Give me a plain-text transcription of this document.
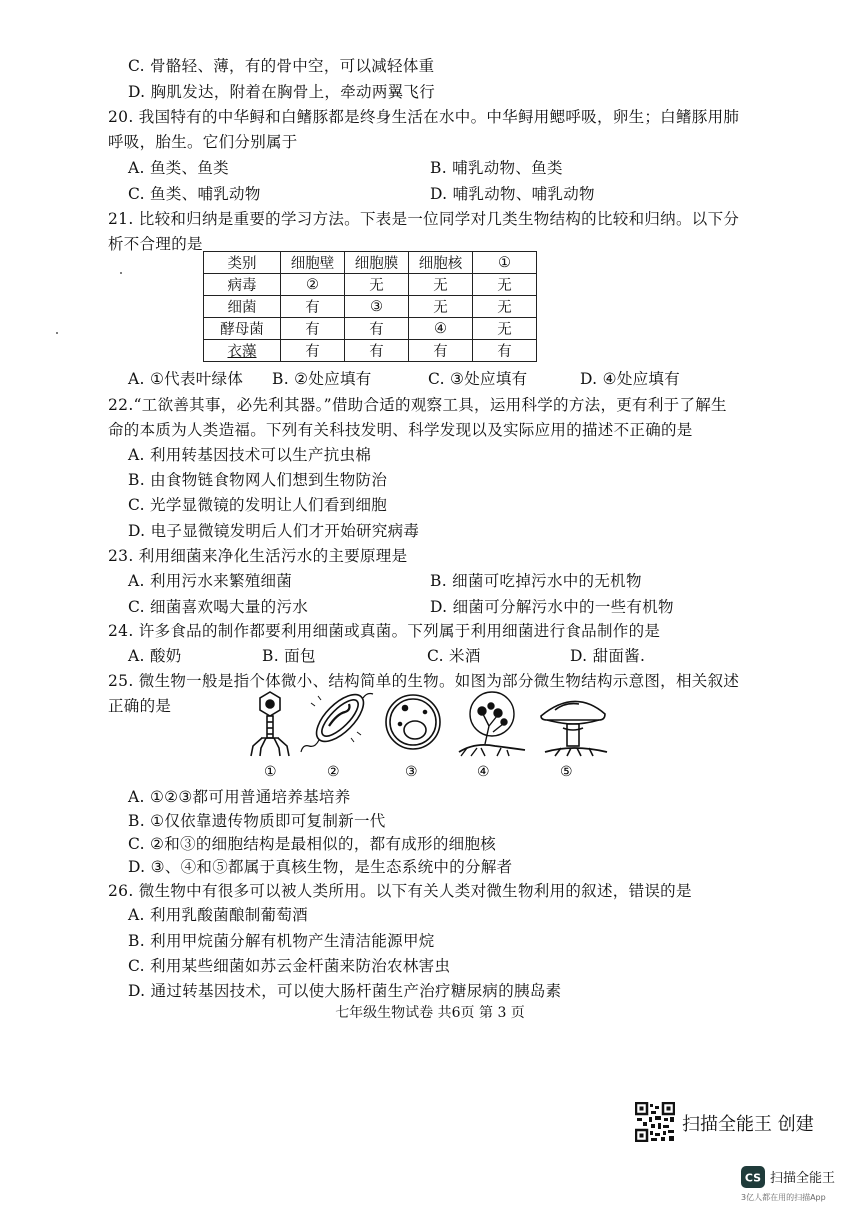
C. 骨骼轻、薄，有的骨中空，可以减轻体重
D. 胸肌发达，附着在胸骨上，牵动两翼飞行
20. 我国特有的中华鲟和白鳍豚都是终身生活在水中。中华鲟用鳃呼吸，卵生；白鳍豚用肺
呼吸，胎生。它们分别属于
A. 鱼类、鱼类	B. 哺乳动物、鱼类
C. 鱼类、哺乳动物	D. 哺乳动物、哺乳动物
21. 比较和归纳是重要的学习方法。下表是一位同学对几类生物结构的比较和归纳。以下分
析不合理的是
类别	细胞壁	细胞膜	细胞核	①
病毒	②	无	无	无
细菌	有	③	无	无
酵母菌	有	有	④	无
衣藻	有	有	有	有
A. ①代表叶绿体 B. ②处应填有	C. ③处应填有	D. ④处应填有
22.“工欲善其事，必先利其器。”借助合适的观察工具，运用科学的方法，更有利于了解生
命的本质为人类造福。下列有关科技发明、科学发现以及实际应用的描述不正确的是
A. 利用转基因技术可以生产抗虫棉
B. 由食物链食物网人们想到生物防治
C. 光学显微镜的发明让人们看到细胞
D. 电子显微镜发明后人们才开始研究病毒
23. 利用细菌来净化生活污水的主要原理是
A. 利用污水来繁殖细菌	B. 细菌可吃掉污水中的无机物
C. 细菌喜欢喝大量的污水	D. 细菌可分解污水中的一些有机物
24. 许多食品的制作都要利用细菌或真菌。下列属于利用细菌进行食品制作的是
A. 酸奶	B. 面包	C. 米酒	D. 甜面酱.
25. 微生物一般是指个体微小、结构简单的生物。如图为部分微生物结构示意图，相关叙述
正确的是
①	②	③	④	⑤
A. ①②③都可用普通培养基培养
B. ①仅依靠遗传物质即可复制新一代
C. ②和③的细胞结构是最相似的，都有成形的细胞核
D. ③、④和⑤都属于真核生物，是生态系统中的分解者
26. 微生物中有很多可以被人类所用。以下有关人类对微生物利用的叙述，错误的是
A. 利用乳酸菌酿制葡萄酒
B. 利用甲烷菌分解有机物产生清洁能源甲烷
C. 利用某些细菌如苏云金杆菌来防治农林害虫
D. 通过转基因技术，可以使大肠杆菌生产治疗糖尿病的胰岛素
七年级生物试卷 共6页 第 3 页
扫描全能王 创建
CS 扫描全能王
3亿人都在用的扫描App
